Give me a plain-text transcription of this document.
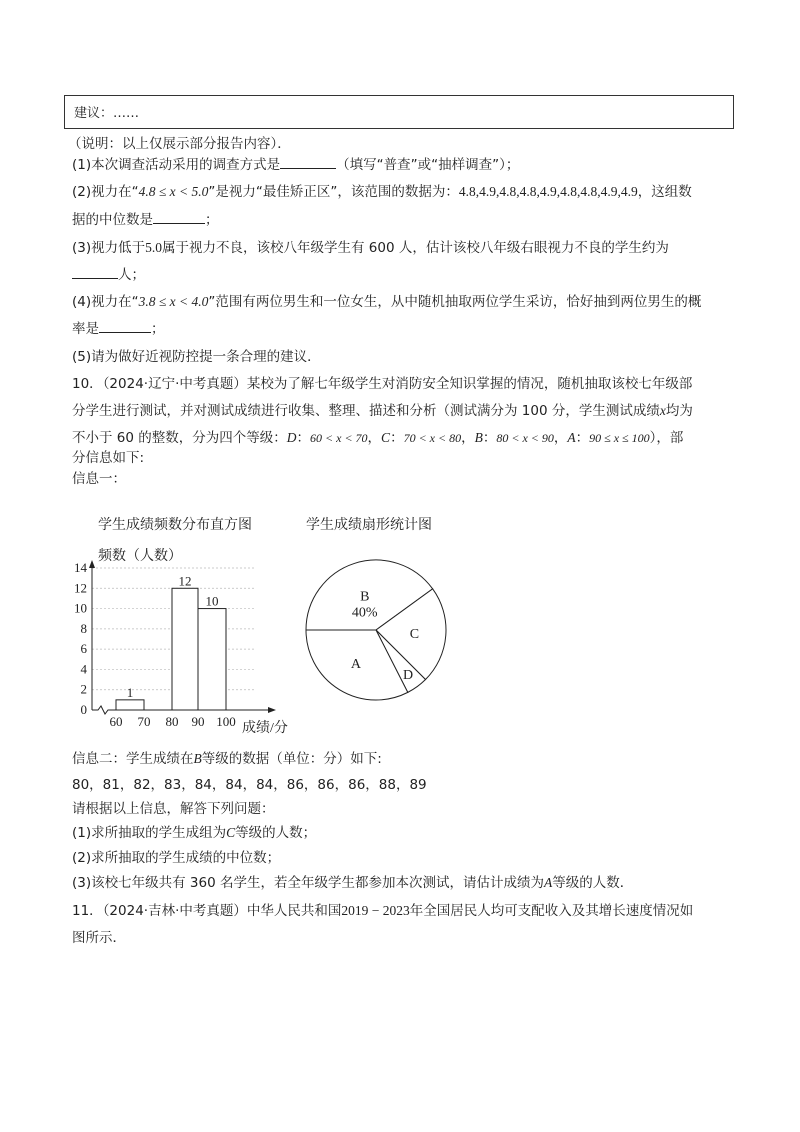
建议：……
（说明：以上仅展示部分报告内容）．
(1)本次调查活动采用的调查方式是	（填写“普查”或“抽样调查”）；
(2)视力在“4.8 ≤ x < 5.0”是视力“最佳矫正区”，该范围的数据为：4.8,4.9,4.8,4.8,4.9,4.8,4.8,4.9,4.9，这组数
据的中位数是	；
(3)视力低于5.0属于视力不良，该校八年级学生有 600 人，估计该校八年级右眼视力不良的学生约为
人；
(4)视力在“3.8 ≤ x < 4.0”范围有两位男生和一位女生，从中随机抽取两位学生采访，恰好抽到两位男生的概
率是	；
(5)请为做好近视防控提一条合理的建议．
10．（2024·辽宁·中考真题）某校为了解七年级学生对消防安全知识掌握的情况，随机抽取该校七年级部
分学生进行测试，并对测试成绩进行收集、整理、描述和分析（测试满分为 100 分，学生测试成绩x均为
不小于 60 的整数，分为四个等级：D：60 < x < 70，C：70 < x < 80，B：80 < x < 90，A：90 ≤ x ≤ 100），部
分信息如下:
信息一：
学生成绩频数分布直方图	学生成绩扇形统计图
0
2
4
6
8
10
12
14
频数（人数）
成绩/分
60 70 80 90 100
1
12
10	B
40%
C
D
A
信息二：学生成绩在B等级的数据（单位：分）如下:
80，81，82，83，84，84，84，86，86，86，88，89
请根据以上信息，解答下列问题：
(1)求所抽取的学生成组为C等级的人数；
(2)求所抽取的学生成绩的中位数；
(3)该校七年级共有 360 名学生，若全年级学生都参加本次测试，请估计成绩为A等级的人数．
11．（2024·吉林·中考真题）中华人民共和国2019 − 2023年全国居民人均可支配收入及其增长速度情况如
图所示．
